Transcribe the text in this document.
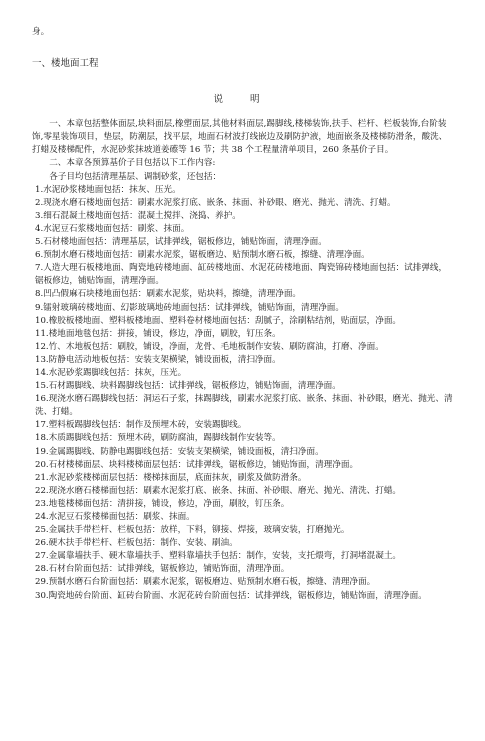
身。
一、楼地面工程
说 明
一、本章包括整体面层,块料面层,橡塑面层,其他材料面层,踢脚线,楼梯装饰,扶手、栏杆、栏板装饰,台阶装饰,零星装饰项目，垫层，防潮层，找平层，地面石材波打线嵌边及刷防护液，地面嵌条及楼梯防滑条，酸洗、打蜡及楼梯配件，水泥砂浆抹坡道姜礤等 16 节；共 38 个工程量清单项目，260 条基价子目。
二、本章各预算基价子目包括以下工作内容:
各子目均包括清理基层、调制砂浆，还包括：
1.水泥砂浆楼地面包括：抹灰、压光。
2.现浇水磨石楼地面包括：刷素水泥浆打底、嵌条、抹面、补砂眼、磨光、抛光、清洗、打蜡。
3.细石混凝土楼地面包括：混凝土搅拌、浇捣、养护。
4.水泥豆石浆楼地面包括：刷浆、抹面。
5.石材楼地面包括：清理基层，试排弹线，锯板修边，铺贴饰面，清理净面。
6.预制水磨石楼地面包括：刷素水泥浆，锯板磨边、贴预制水磨石板，擦缝、清理净面。
7.人造大理石板楼地面、陶瓷地砖楼地面、缸砖楼地面、水泥花砖楼地面、陶瓷锦砖楼地面包括：试排弹线，锯板修边，铺贴饰面，清理净面。
8.凹凸假麻石块楼地面包括：刷素水泥浆，贴块料，擦缝，清理净面。
9.镭射玻璃砖楼地面、幻影玻璃地砖地面包括：试排弹线，铺贴饰面，清理净面。
10.橡胶板楼地面、塑料板楼地面、塑料卷材楼地面包括：刮腻子，涂刷粘结剂，贴面层，净面。
11.楼地面地毯包括：拼接，铺设，修边，净面，刷胶，钉压条。
12.竹、木地板包括：刷胶，铺设，净面，龙骨、毛地板制作安装、刷防腐油，打磨、净面。
13.防静电活动地板包括：安装支架横梁，铺设面板，清扫净面。
14.水泥砂浆踢脚线包括：抹灰，压光。
15.石材踢脚线、块料踢脚线包括：试排弹线，锯板修边，铺贴饰面，清理净面。
16.现浇水磨石踢脚线包括：洞运石子浆，抹踢脚线，刷素水泥浆打底、嵌条、抹面、补砂眼，磨光、抛光、清洗、打蜡。
17.塑料板踢脚线包括：制作及预埋木砖，安装踢脚线。
18.木质踢脚线包括：预埋木砖，刷防腐油，踢脚线制作安装等。
19.金属踢脚线、防静电踢脚线包括：安装支架横梁，铺设面板，清扫净面。
20.石材楼梯面层、块料楼梯面层包括：试排弹线，锯板修边，铺贴饰面，清理净面。
21.水泥砂浆楼梯面层包括：楼梯抹面层，底面抹灰，刷浆及做防滑条。
22.现浇水磨石楼梯面包括：刷素水泥浆打底、嵌条、抹面、补砂眼、磨光、抛光、清洗、打蜡。
23.地毯楼梯面包括：清拼接，铺设，修边，净面，刷胶，钉压条。
24.水泥豆石浆楼梯面包括：刷浆、抹面。
25.金属扶手带栏杆、栏板包括：放样，下料，铆接、焊接，玻璃安装，打磨抛光。
26.硬木扶手带栏杆、栏板包括：制作、安装、刷油。
27.金属靠墙扶手、硬木靠墙扶手、塑料靠墙扶手包括：制作，安装，支托煨弯，打洞堵混凝土。
28.石材台阶面包括：试排弹线，锯板修边，铺贴饰面，清理净面。
29.预制水磨石台阶面包括：刷素水泥浆，锯板磨边、贴预制水磨石板，擦缝、清理净面。
30.陶瓷地砖台阶面、缸砖台阶面、水泥花砖台阶面包括：试排弹线，锯板修边，铺贴饰面，清理净面。
